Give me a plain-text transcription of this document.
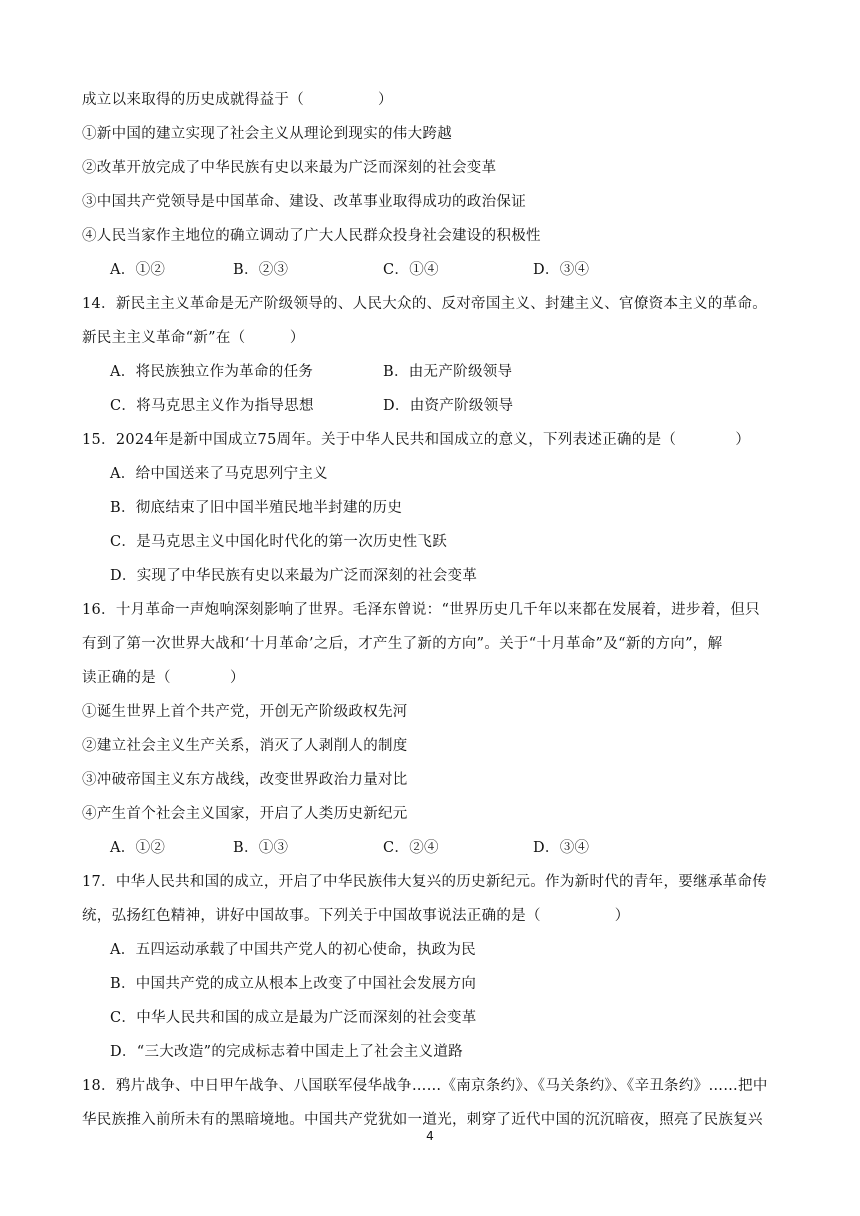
成立以来取得的历史成就得益于（　　　　　）
①新中国的建立实现了社会主义从理论到现实的伟大跨越
②改革开放完成了中华民族有史以来最为广泛而深刻的社会变革
③中国共产党领导是中国革命、建设、改革事业取得成功的政治保证
④人民当家作主地位的确立调动了广大人民群众投身社会建设的积极性
A．①②	B．②③	C．①④	D．③④
14．新民主主义革命是无产阶级领导的、人民大众的、反对帝国主义、封建主义、官僚资本主义的革命。
新民主主义革命“新”在（　　　）
A．将民族独立作为革命的任务	B．由无产阶级领导
C．将马克思主义作为指导思想	D．由资产阶级领导
15．2024年是新中国成立75周年。关于中华人民共和国成立的意义，下列表述正确的是（　　　　）
A．给中国送来了马克思列宁主义
B．彻底结束了旧中国半殖民地半封建的历史
C．是马克思主义中国化时代化的第一次历史性飞跃
D．实现了中华民族有史以来最为广泛而深刻的社会变革
16．十月革命一声炮响深刻影响了世界。毛泽东曾说：“世界历史几千年以来都在发展着，进步着，但只
有到了第一次世界大战和‘十月革命’之后，才产生了新的方向”。关于“十月革命”及“新的方向”，解
读正确的是（　　　　）
①诞生世界上首个共产党，开创无产阶级政权先河
②建立社会主义生产关系，消灭了人剥削人的制度
③冲破帝国主义东方战线，改变世界政治力量对比
④产生首个社会主义国家，开启了人类历史新纪元
A．①②	B．①③	C．②④	D．③④
17．中华人民共和国的成立，开启了中华民族伟大复兴的历史新纪元。作为新时代的青年，要继承革命传
统，弘扬红色精神，讲好中国故事。下列关于中国故事说法正确的是（　　　　　）
A．五四运动承载了中国共产党人的初心使命，执政为民
B．中国共产党的成立从根本上改变了中国社会发展方向
C．中华人民共和国的成立是最为广泛而深刻的社会变革
D．“三大改造”的完成标志着中国走上了社会主义道路
18．鸦片战争、中日甲午战争、八国联军侵华战争……《南京条约》、《马关条约》、《辛丑条约》……把中
华民族推入前所未有的黑暗境地。中国共产党犹如一道光，刺穿了近代中国的沉沉暗夜，照亮了民族复兴
4
